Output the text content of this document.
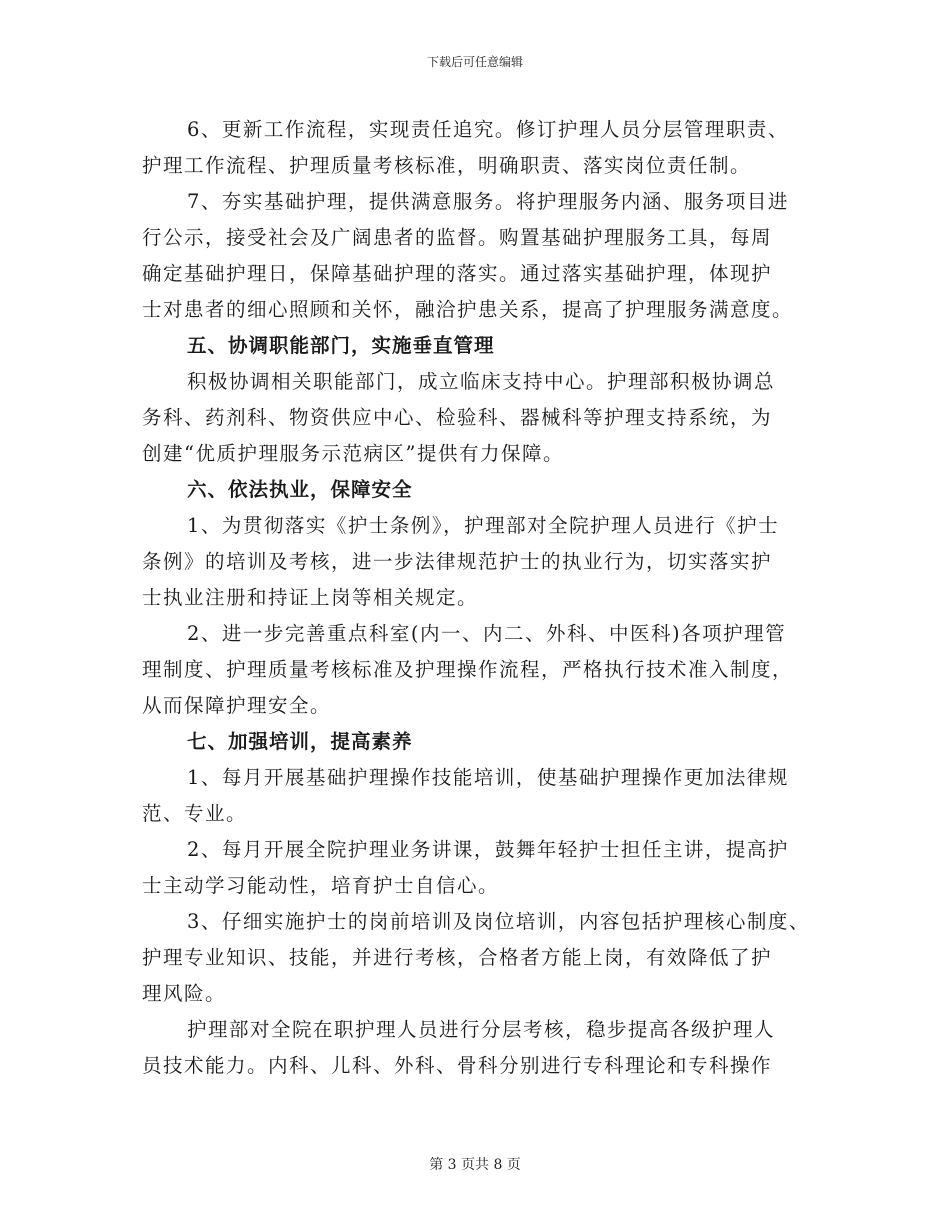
下载后可任意编辑
6、更新工作流程，实现责任追究。修订护理人员分层管理职责、
护理工作流程、护理质量考核标准，明确职责、落实岗位责任制。
7、夯实基础护理，提供满意服务。将护理服务内涵、服务项目进
行公示，接受社会及广阔患者的监督。购置基础护理服务工具，每周
确定基础护理日，保障基础护理的落实。通过落实基础护理，体现护
士对患者的细心照顾和关怀，融洽护患关系，提高了护理服务满意度。
五、协调职能部门，实施垂直管理
积极协调相关职能部门，成立临床支持中心。护理部积极协调总
务科、药剂科、物资供应中心、检验科、器械科等护理支持系统，为
创建“优质护理服务示范病区”提供有力保障。
六、依法执业，保障安全
1、为贯彻落实《护士条例》，护理部对全院护理人员进行《护士
条例》的培训及考核，进一步法律规范护士的执业行为，切实落实护
士执业注册和持证上岗等相关规定。
2、进一步完善重点科室(内一、内二、外科、中医科)各项护理管
理制度、护理质量考核标准及护理操作流程，严格执行技术准入制度，
从而保障护理安全。
七、加强培训，提高素养
1、每月开展基础护理操作技能培训，使基础护理操作更加法律规
范、专业。
2、每月开展全院护理业务讲课，鼓舞年轻护士担任主讲，提高护
士主动学习能动性，培育护士自信心。
3、仔细实施护士的岗前培训及岗位培训，内容包括护理核心制度、
护理专业知识、技能，并进行考核，合格者方能上岗，有效降低了护
理风险。
护理部对全院在职护理人员进行分层考核，稳步提高各级护理人
员技术能力。内科、儿科、外科、骨科分别进行专科理论和专科操作
第 3 页共 8 页
